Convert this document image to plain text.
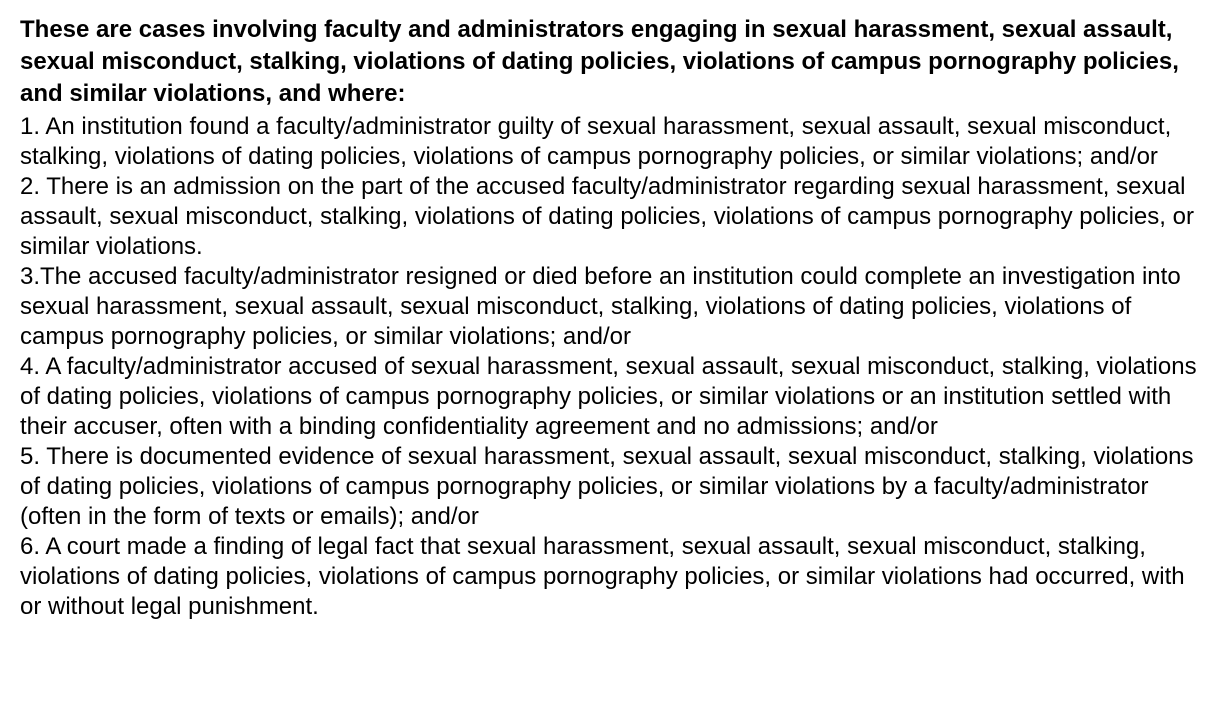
These are cases involving faculty and administrators engaging in sexual harassment, sexual assault, sexual misconduct, stalking, violations of dating policies, violations of campus pornography policies, and similar violations, and where:

1. An institution found a faculty/administrator guilty of sexual harassment, sexual assault, sexual misconduct, stalking, violations of dating policies, violations of campus pornography policies, or similar violations; and/or
2. There is an admission on the part of the accused faculty/administrator regarding sexual harassment, sexual assault, sexual misconduct, stalking, violations of dating policies, violations of campus pornography policies, or similar violations.
3.The accused faculty/administrator resigned or died before an institution could complete an investigation into sexual harassment, sexual assault, sexual misconduct, stalking, violations of dating policies, violations of campus pornography policies, or similar violations; and/or
4. A faculty/administrator accused of sexual harassment, sexual assault, sexual misconduct, stalking, violations of dating policies, violations of campus pornography policies, or similar violations or an institution settled with their accuser, often with a binding confidentiality agreement and no admissions; and/or
5. There is documented evidence of sexual harassment, sexual assault, sexual misconduct, stalking, violations of dating policies, violations of campus pornography policies, or similar violations by a faculty/administrator (often in the form of texts or emails); and/or
6. A court made a finding of legal fact that sexual harassment, sexual assault, sexual misconduct, stalking, violations of dating policies, violations of campus pornography policies, or similar violations had occurred, with or without legal punishment.
